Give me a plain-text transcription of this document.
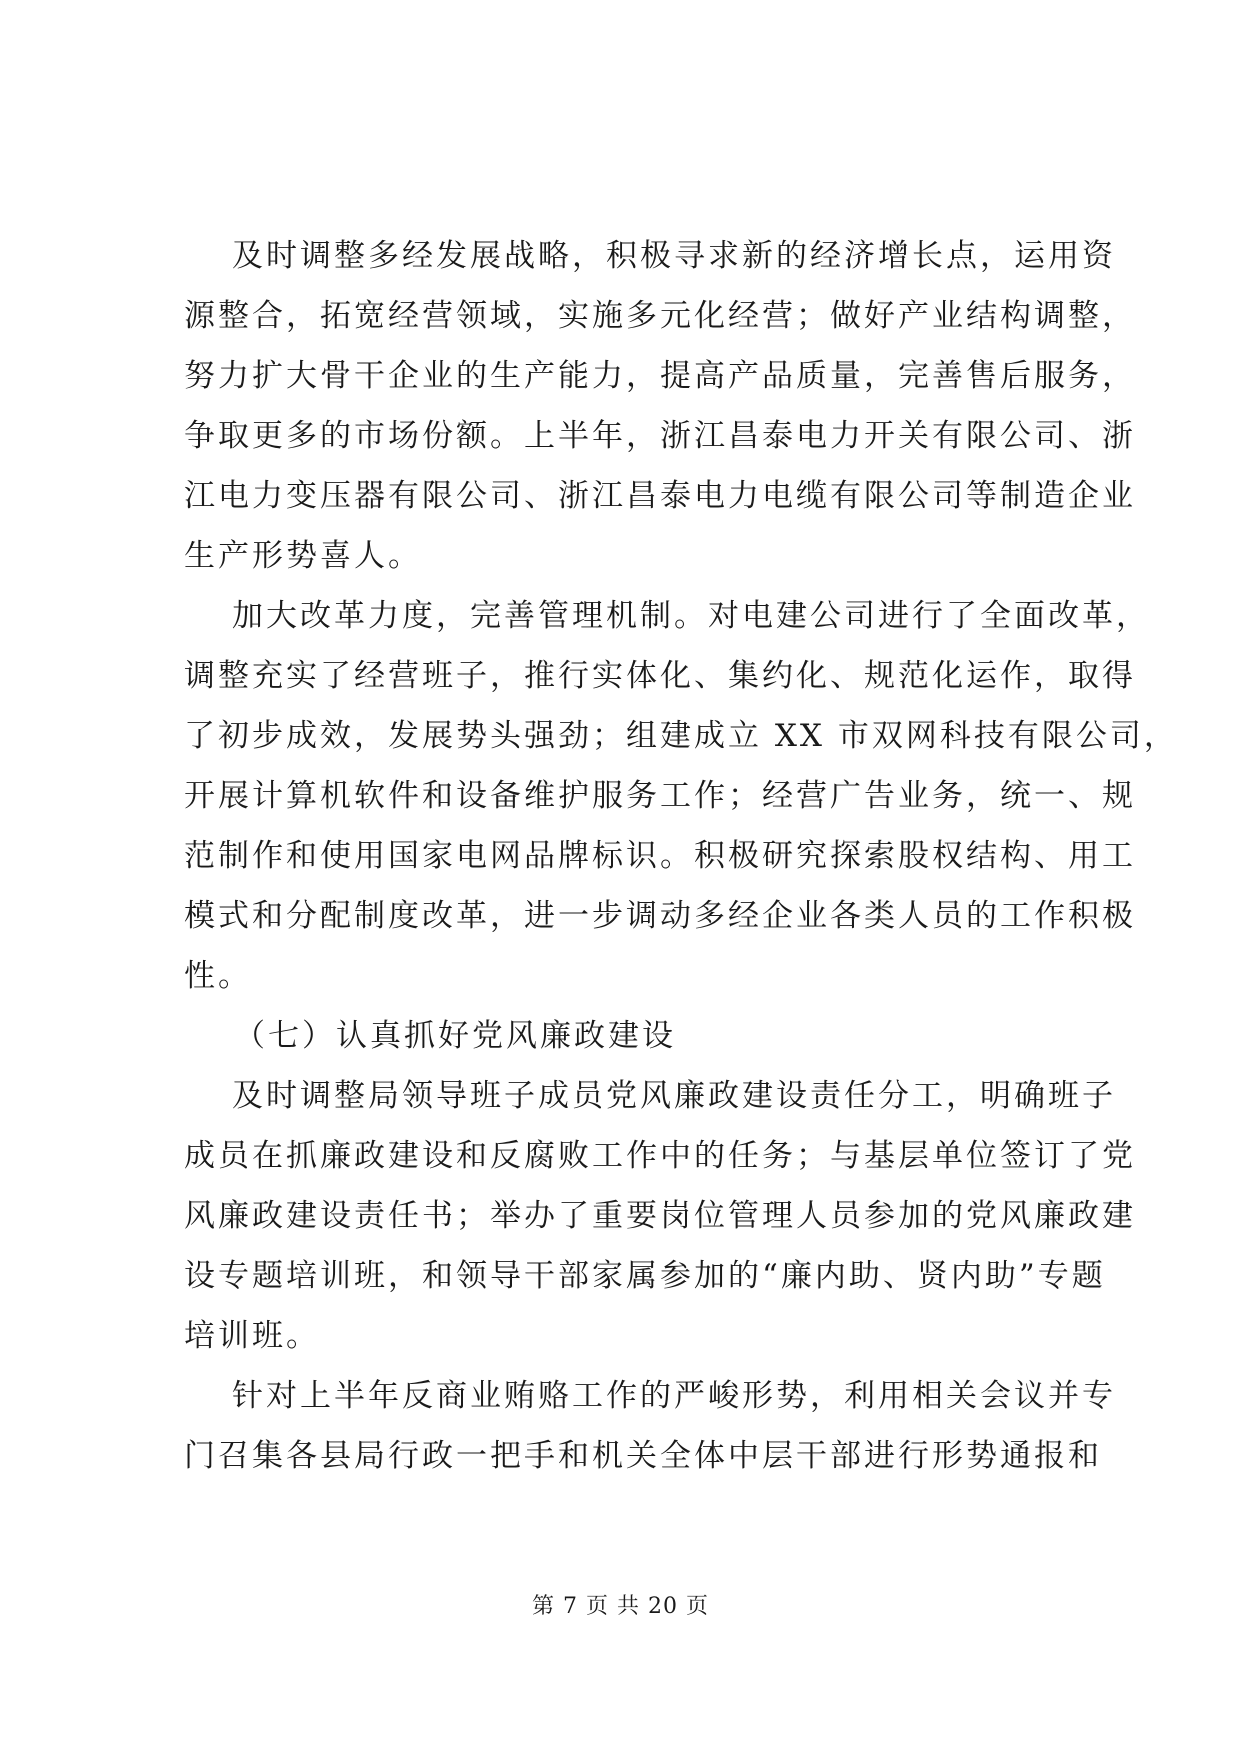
及时调整多经发展战略，积极寻求新的经济增长点，运用资
源整合，拓宽经营领域，实施多元化经营；做好产业结构调整，
努力扩大骨干企业的生产能力，提高产品质量，完善售后服务，
争取更多的市场份额。上半年，浙江昌泰电力开关有限公司、浙
江电力变压器有限公司、浙江昌泰电力电缆有限公司等制造企业
生产形势喜人。
加大改革力度，完善管理机制。对电建公司进行了全面改革，
调整充实了经营班子，推行实体化、集约化、规范化运作，取得
了初步成效，发展势头强劲；组建成立 XX 市双网科技有限公司，
开展计算机软件和设备维护服务工作；经营广告业务，统一、规
范制作和使用国家电网品牌标识。积极研究探索股权结构、用工
模式和分配制度改革，进一步调动多经企业各类人员的工作积极
性。
（七）认真抓好党风廉政建设
及时调整局领导班子成员党风廉政建设责任分工，明确班子
成员在抓廉政建设和反腐败工作中的任务；与基层单位签订了党
风廉政建设责任书；举办了重要岗位管理人员参加的党风廉政建
设专题培训班，和领导干部家属参加的“廉内助、贤内助”专题
培训班。
针对上半年反商业贿赂工作的严峻形势，利用相关会议并专
门召集各县局行政一把手和机关全体中层干部进行形势通报和
第 7 页 共 20 页
